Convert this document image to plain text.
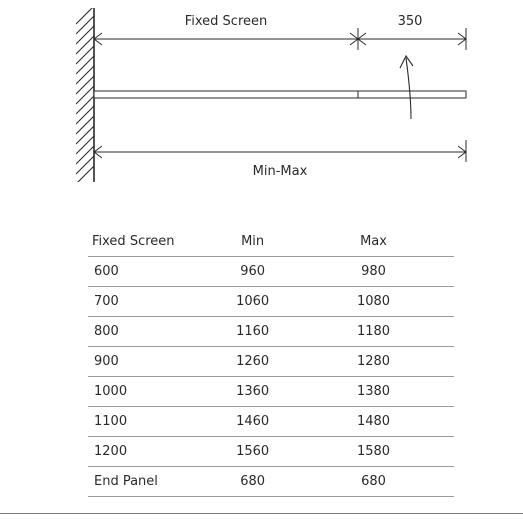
Fixed Screen	350
Min-Max
Fixed Screen	Min	Max
600	960	980
700	1060	1080
800	1160	1180
900	1260	1280
1000	1360	1380
1100	1460	1480
1200	1560	1580
End Panel	680	680
